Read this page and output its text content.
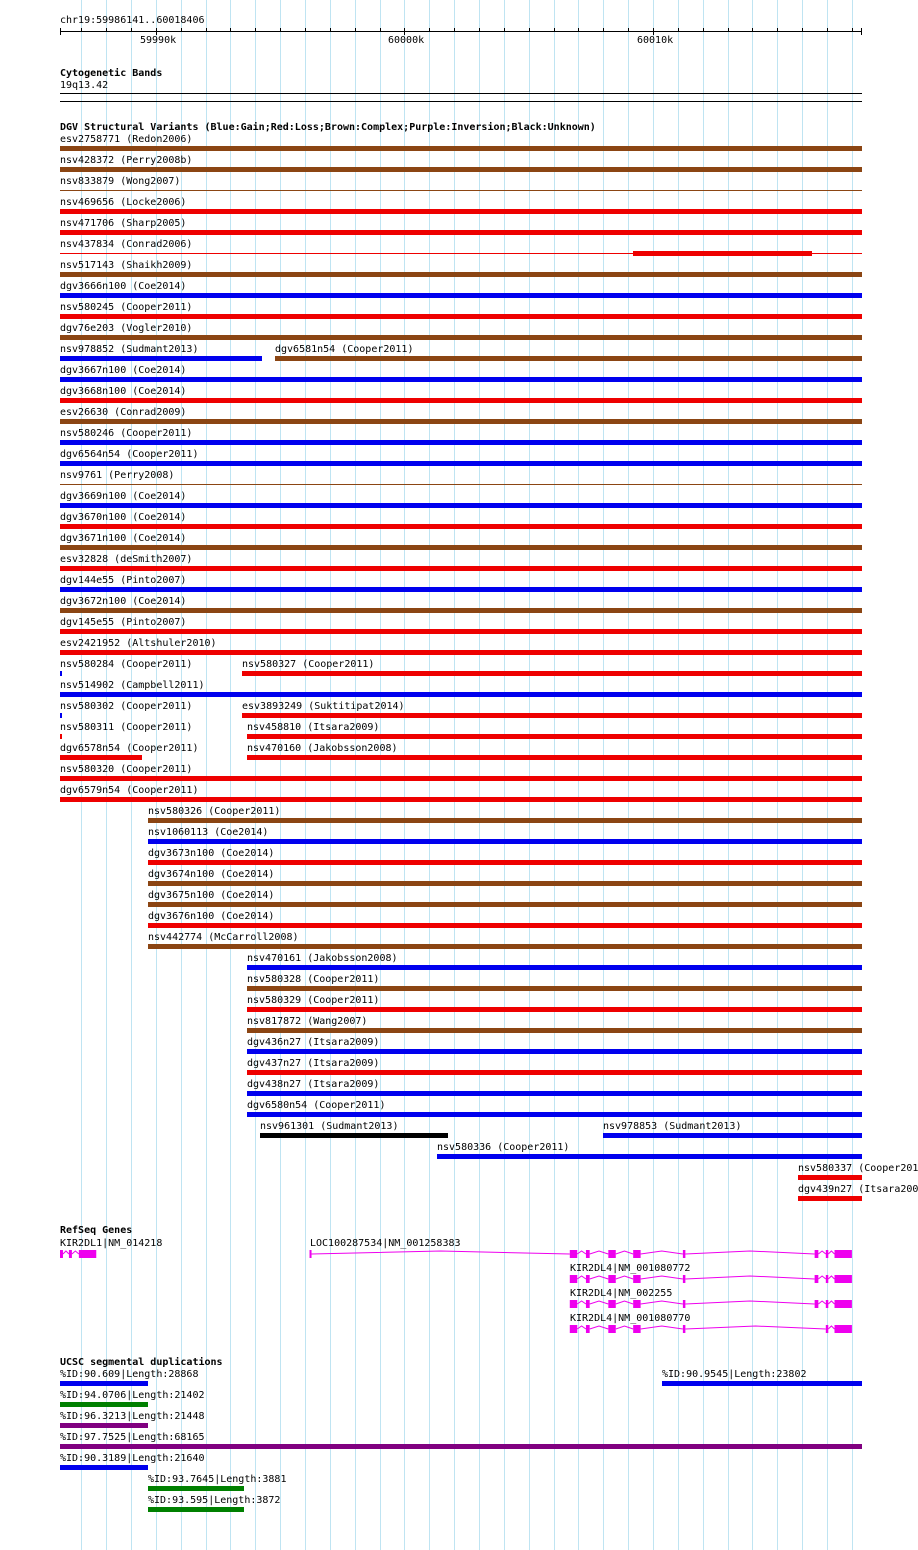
chr19:59986141..60018406
59990k	60000k	60010k
Cytogenetic Bands
19q13.42
DGV Structural Variants (Blue:Gain;Red:Loss;Brown:Complex;Purple:Inversion;Black:Unknown)
esv2758771 (Redon2006)
nsv428372 (Perry2008b)
nsv833879 (Wong2007)
nsv469656 (Locke2006)
nsv471706 (Sharp2005)
nsv437834 (Conrad2006)
nsv517143 (Shaikh2009)
dgv3666n100 (Coe2014)
nsv580245 (Cooper2011)
dgv76e203 (Vogler2010)
nsv978852 (Sudmant2013)	dgv6581n54 (Cooper2011)
dgv3667n100 (Coe2014)
dgv3668n100 (Coe2014)
esv26630 (Conrad2009)
nsv580246 (Cooper2011)
dgv6564n54 (Cooper2011)
nsv9761 (Perry2008)
dgv3669n100 (Coe2014)
dgv3670n100 (Coe2014)
dgv3671n100 (Coe2014)
esv32828 (deSmith2007)
dgv144e55 (Pinto2007)
dgv3672n100 (Coe2014)
dgv145e55 (Pinto2007)
esv2421952 (Altshuler2010)
nsv580284 (Cooper2011)	nsv580327 (Cooper2011)
nsv514902 (Campbell2011)
nsv580302 (Cooper2011)	esv3893249 (Suktitipat2014)
nsv580311 (Cooper2011)	nsv458810 (Itsara2009)
dgv6578n54 (Cooper2011)	nsv470160 (Jakobsson2008)
nsv580320 (Cooper2011)
dgv6579n54 (Cooper2011)
nsv580326 (Cooper2011)
nsv1060113 (Coe2014)
dgv3673n100 (Coe2014)
dgv3674n100 (Coe2014)
dgv3675n100 (Coe2014)
dgv3676n100 (Coe2014)
nsv442774 (McCarroll2008)
nsv470161 (Jakobsson2008)
nsv580328 (Cooper2011)
nsv580329 (Cooper2011)
nsv817872 (Wang2007)
dgv436n27 (Itsara2009)
dgv437n27 (Itsara2009)
dgv438n27 (Itsara2009)
dgv6580n54 (Cooper2011)
nsv961301 (Sudmant2013)	nsv978853 (Sudmant2013)
nsv580336 (Cooper2011)
nsv580337 (Cooper201
dgv439n27 (Itsara200
RefSeq Genes
KIR2DL1|NM_014218	LOC100287534|NM_001258383
KIR2DL4|NM_001080772
KIR2DL4|NM_002255
KIR2DL4|NM_001080770
UCSC segmental duplications
%ID:90.609|Length:28868	%ID:90.9545|Length:23802
%ID:94.0706|Length:21402
%ID:96.3213|Length:21448
%ID:97.7525|Length:68165
%ID:90.3189|Length:21640
%ID:93.7645|Length:3881
%ID:93.595|Length:3872
